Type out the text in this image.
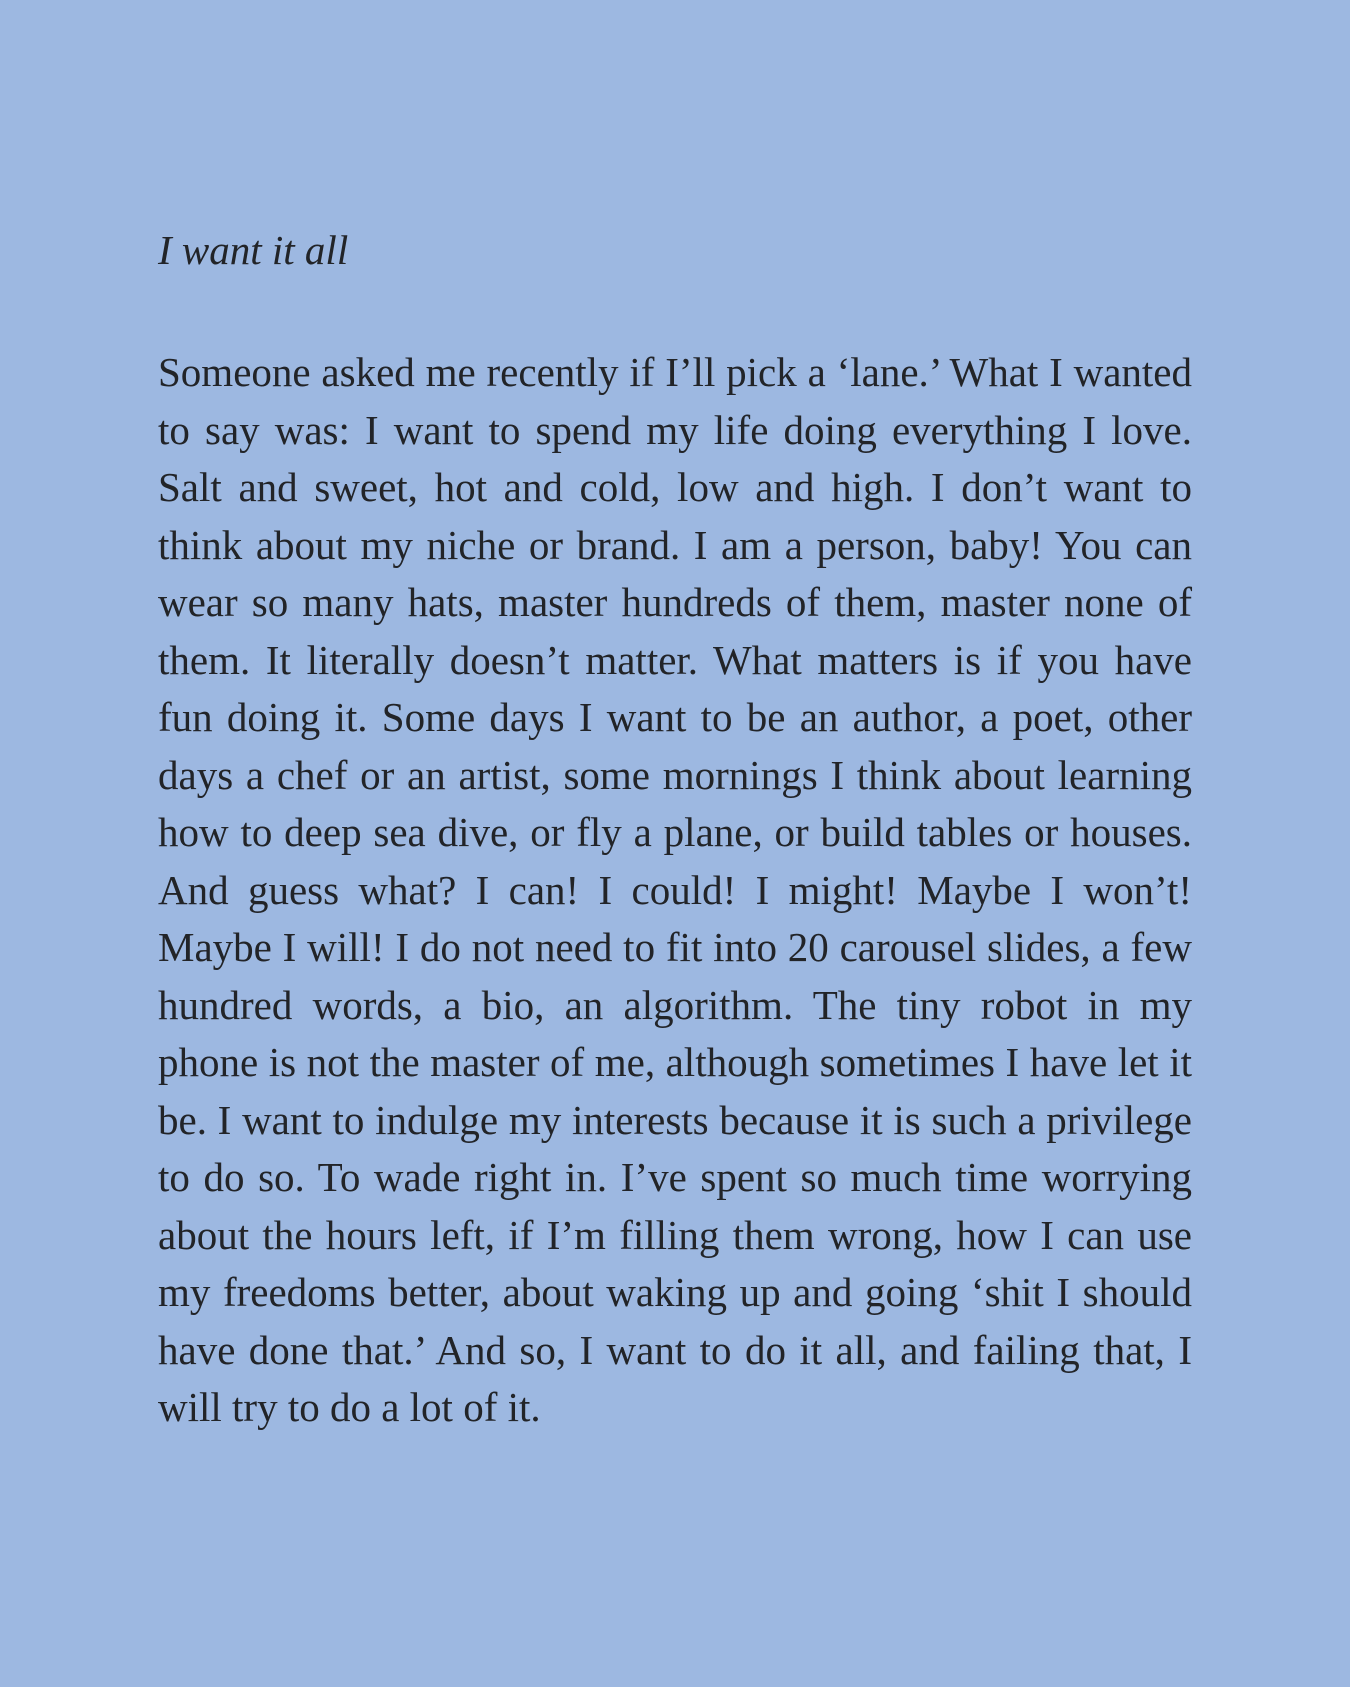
I want it all

Someone asked me recently if I’ll pick a ‘lane.’ What I wanted to say was: I want to spend my life doing everything I love. Salt and sweet, hot and cold, low and high. I don’t want to think about my niche or brand. I am a person, baby! You can wear so many hats, master hundreds of them, master none of them. It literally doesn’t matter. What matters is if you have fun doing it. Some days I want to be an author, a poet, other days a chef or an artist, some mornings I think about learning how to deep sea dive, or fly a plane, or build tables or houses. And guess what? I can! I could! I might! Maybe I won’t! Maybe I will! I do not need to fit into 20 carousel slides, a few hundred words, a bio, an algorithm. The tiny robot in my phone is not the master of me, although sometimes I have let it be. I want to indulge my interests because it is such a privilege to do so. To wade right in. I’ve spent so much time worrying about the hours left, if I’m filling them wrong, how I can use my freedoms better, about waking up and going ‘shit I should have done that.’ And so, I want to do it all, and failing that, I will try to do a lot of it.
